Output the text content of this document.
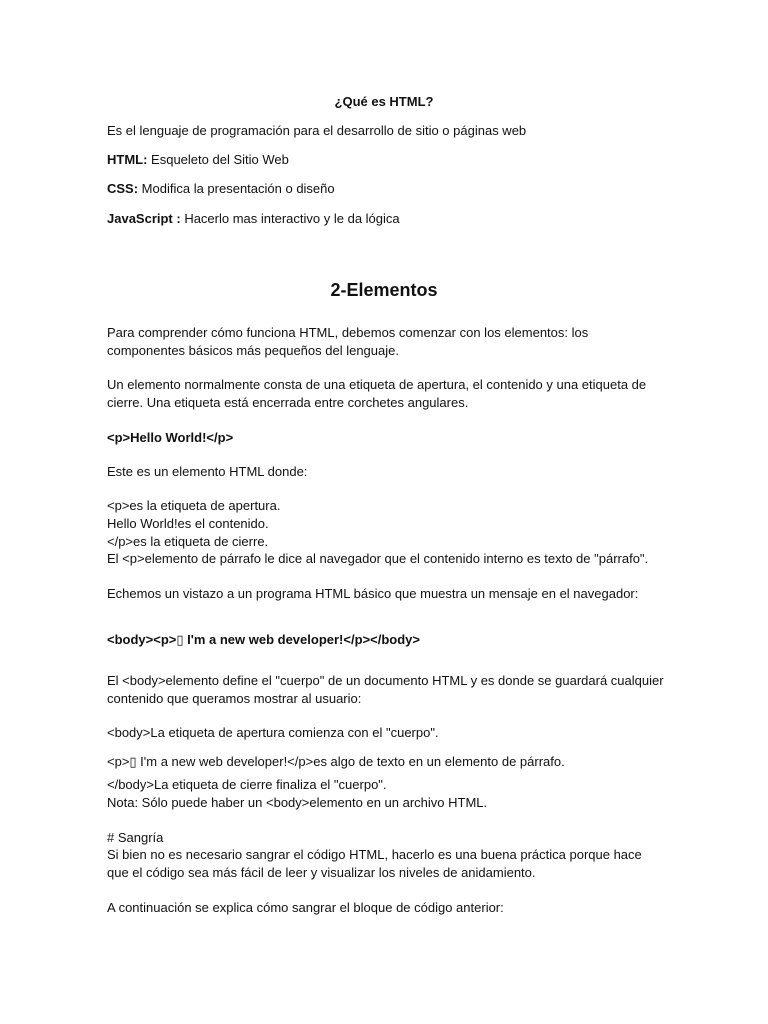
¿Qué es HTML?

Es el lenguaje de programación para el desarrollo de sitio o páginas web

HTML: Esqueleto del Sitio Web

CSS: Modifica la presentación o diseño

JavaScript : Hacerlo mas interactivo y le da lógica

2-Elementos

Para comprender cómo funciona HTML, debemos comenzar con los elementos: los componentes básicos más pequeños del lenguaje.

Un elemento normalmente consta de una etiqueta de apertura, el contenido y una etiqueta de cierre. Una etiqueta está encerrada entre corchetes angulares.

<p>Hello World!</p>

Este es un elemento HTML donde:

<p>es la etiqueta de apertura.

Hello World!es el contenido.

</p>es la etiqueta de cierre.

El <p>elemento de párrafo le dice al navegador que el contenido interno es texto de "párrafo".

Echemos un vistazo a un programa HTML básico que muestra un mensaje en el navegador:

<body><p>▯ I'm a new web developer!</p></body>

El <body>elemento define el "cuerpo" de un documento HTML y es donde se guardará cualquier contenido que queramos mostrar al usuario:

<body>La etiqueta de apertura comienza con el "cuerpo".

<p>▯ I'm a new web developer!</p>es algo de texto en un elemento de párrafo.

</body>La etiqueta de cierre finaliza el "cuerpo".

Nota: Sólo puede haber un <body>elemento en un archivo HTML.

# Sangría

Si bien no es necesario sangrar el código HTML, hacerlo es una buena práctica porque hace que el código sea más fácil de leer y visualizar los niveles de anidamiento.

A continuación se explica cómo sangrar el bloque de código anterior:
